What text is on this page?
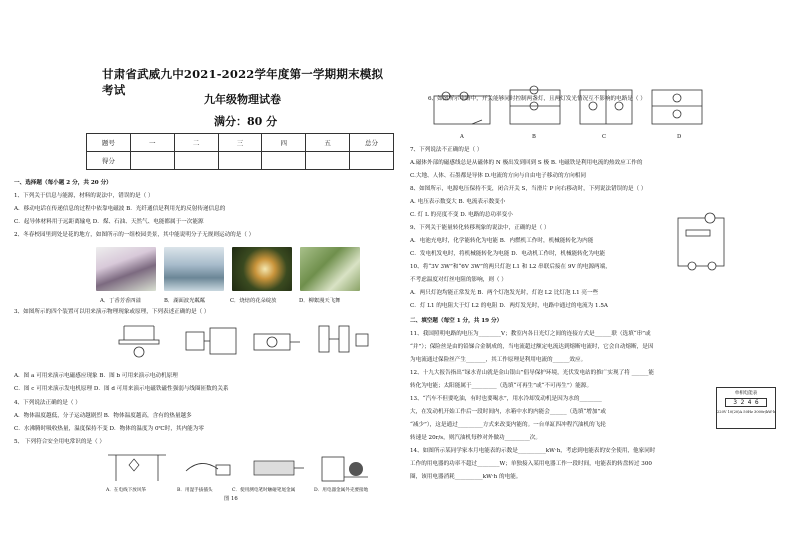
甘肃省武威九中2021-2022学年度第一学期期末模拟考试
九年级物理试卷
满分：80 分
题号	一	二	三	四	五	总分
得分						
一、选择题（每小题 2 分，共 20 分）
1、下列关于信息与能源，材料的说法中，错误的是（ ）
A．移动电话在传递信息的过程中依靠电磁波 B．光纤通信是利用光的反射传递信息的
C．起导体材料用于远距离输电 D．煤、石油、天然气、电能都属于一次能源
2、冬春校园里到处是花的地方，如图所示的一组校园美景，其中能说明分子无规则运动的是（ ）
A．丁香芳香四溢	B．湖面波光粼粼	C．烧焙的花朵绽放	D．柳絮漫天飞舞
3、如图所示的四个装置可以用来演示物理现象或原理，下列表述正确的是（ ）
A．图 a 可用来演示电磁感应现象 B．图 b 可用来演示电动机原理
C．图 c 可用来演示发电机原理 D．图 d 可用来演示电磁铁磁性强弱与线圈匝数的关系
4、下列说法正确的是（ ）
A．物体温度越低，分子运动越剧烈 B．物体温度越高，含有的热量越多
C．水沸腾时吸收热量，温度保持不变 D．物体的温度为 0℃时，其内能为零
5、 下列符合安全用电常识的是（ ）
A．在电线下放风筝	B．用湿手拔插头	C．使用测电笔时触碰笔尾金属	D．用电器金属外壳要接地
图 16
6、如图所示电路中，开关能够同时控制两盏灯，且两灯发光情况互不影响的电路是（ ）
A	B	C	D
7、下列说法不正确的是（ ）
A.磁体外部的磁感线总是从磁体的 N 极出发到回到 S 极 B. 电磁铁是利用电流的热效应工作的
C.大地、人体、石墨都是导体 D.电流的方向与自由电子移动的方向相同
8、如图所示，电源电压保持不变，闭合开关 S，当滑片 P 向右移动时，下列说法错误的是（ ）
A. 电压表示数变大 B. 电流表示数变小
C. 灯 L 的亮度不变 D. 电路的总功率变小
9、下列关于能量转化转移现象的说法中，正确的是（ ）
A．电池充电时，化学能转化为电能 B．内燃机工作时，机械能转化为内能
C．发电机发电时，将机械能转化为电能 D．电动机工作时，机械能转化为电能
10、将“3V 3W”和“6V 3W”的两只灯泡 L1 和 L2 串联后接在 9V 的电源两端，
不考虑温度对灯丝电阻的影响，则（ ）
A．两只灯泡均能正常发光 B．两个灯泡发光时，灯泡 L2 比灯泡 L1 亮一些
C．灯 L1 的电阻大于灯 L2 的电阻 D．两灯发光时，电路中通过的电流为 1.5A
二、填空题（每空 1 分，共 19 分）
11、我国照明电路的电压为________V；教室内各日光灯之间的连接方式是______联（选填“串”或
“并”）；保险丝是由的铅锑合金制成的，当电流超过额定电流达到熔断电流时，它会自动熔断，是因
为电流通过保险丝产生_______，其工作原理是利用电流的______效应。
12、十九大报告指出“绿水青山就是金山银山”倡导保护环境，光伏发电站的推广实现了将 ______能
转化为电能；太阳能属于_________（选填“可再生”或“不可再生”）能源。
13、“汽车不但要吃油，有时也要喝水”，用水冷却发动机是因为水的________
大，在发动机开始工作后一段时间内，水箱中水的内能会______（选填“增加”或
“减少”），这是通过_________方式来改变内能的。一台单缸四冲程汽油机的飞轮
转速是 20r/s，则汽油机每秒对外做功_________次。
14、如图所示某同学家本月电能表的示数是__________kW·h，考虑到电能表的安全使用，他家同时
工作的用电器的功率不超过________W；单独接入某用电器工作一段时间，电能表的转盘转过 300
圈，该用电器消耗__________kW·h 的电能。
单相电能表
3 2 4 6
220V 10(20)A 50Hz 3000r/kW·h
